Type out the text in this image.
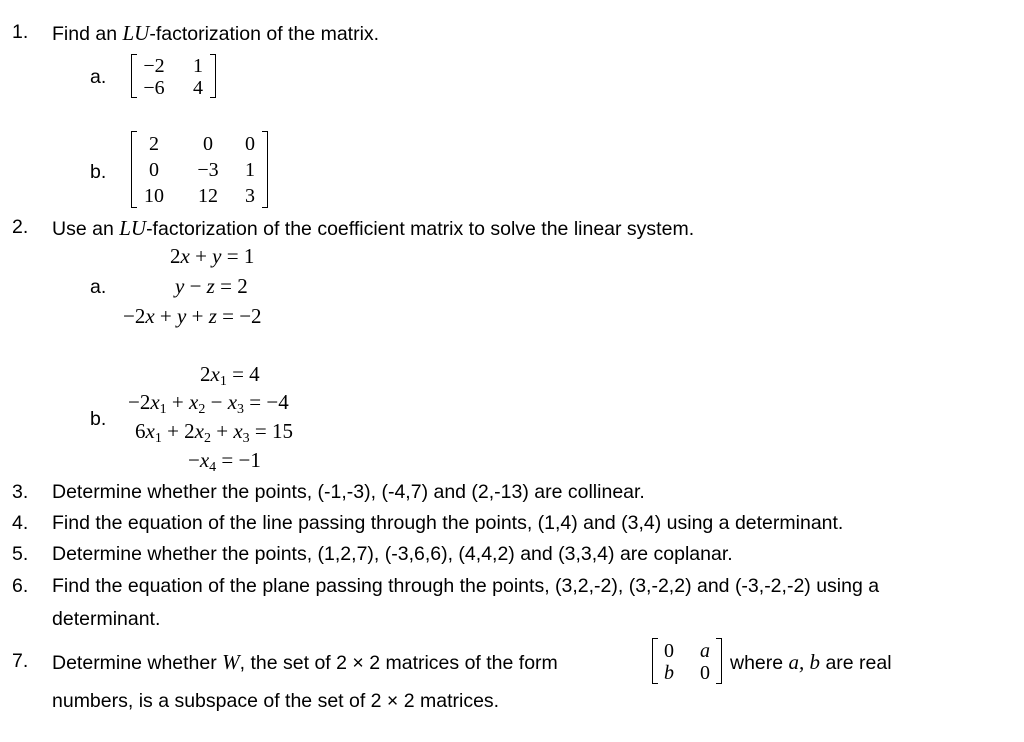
1. Find an LU-factorization of the matrix.
a.	−2	1
−6	4
b.
2	0	0
0	−3	1
10	12	3
2. Use an LU-factorization of the coefficient matrix to solve the linear system.
a.
2x + y = 1
y − z = 2
−2x + y + z = −2
b.
2x1 = 4
−2x1 + x2 − x3 = −4
6x1 + 2x2 + x3 = 15
−x4 = −1
3. Determine whether the points, (-1,-3), (-4,7) and (2,-13) are collinear.
4. Find the equation of the line passing through the points, (1,4) and (3,4) using a determinant.
5. Determine whether the points, (1,2,7), (-3,6,6), (4,4,2) and (3,3,4) are coplanar.
6. Find the equation of the plane passing through the points, (3,2,-2), (3,-2,2) and (-3,-2,-2) using a
determinant.
7. Determine whether W, the set of 2 × 2 matrices of the form
0	a
b	0	where a, b are real
numbers, is a subspace of the set of 2 × 2 matrices.
